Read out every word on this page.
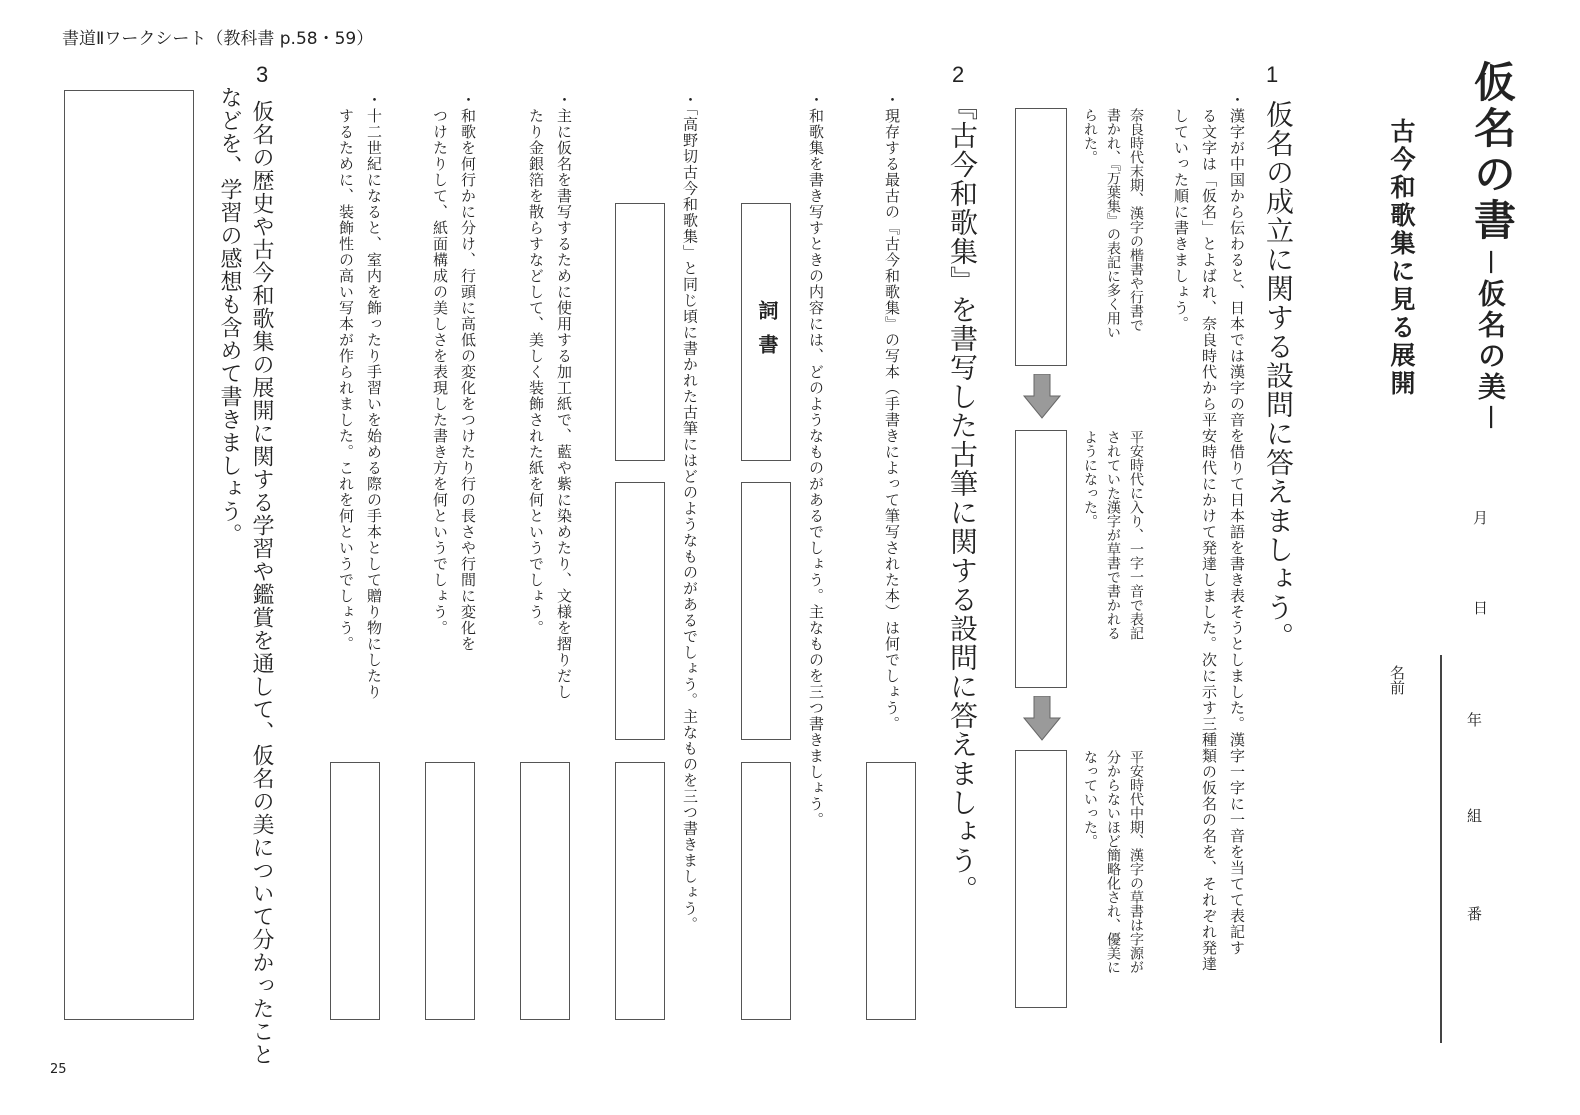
書道Ⅱワークシート（教科書 p.58・59）
25
仮名の書
－仮名の美－
古今和歌集に見る展開
月
日
名前
年
組
番
1
仮名の成立に関する設問に答えましょう。
・漢字が中国から伝わると、日本では漢字の音を借りて日本語を書き表そうとしました。漢字一字に一音を当てて表記す
　る文字は「仮名」とよばれ、奈良時代から平安時代にかけて発達しました。次に示す三種類の仮名の名を、それぞれ発達
　していった順に書きましょう。
奈良時代末期、漢字の楷書や行書で
書かれ、『万葉集』の表記に多く用い
られた。
平安時代に入り、一字一音で表記
されていた漢字が草書で書かれる
ようになった。
平安時代中期、漢字の草書は字源が
分からないほど簡略化され、優美に
なっていった。
2
『古今和歌集』を書写した古筆に関する設問に答えましょう。
・現存する最古の『古今和歌集』の写本（手書きによって筆写された本）は何でしょう。
・和歌集を書き写すときの内容には、どのようなものがあるでしょう。主なものを三つ書きましょう。
詞書
・「高野切古今和歌集」と同じ頃に書かれた古筆にはどのようなものがあるでしょう。主なものを三つ書きましょう。
・主に仮名を書写するために使用する加工紙で、藍や紫に染めたり、文様を摺りだし
　たり金銀箔を散らすなどして、美しく装飾された紙を何というでしょう。
・和歌を何行かに分け、行頭に高低の変化をつけたり行の長さや行間に変化を
　つけたりして、紙面構成の美しさを表現した書き方を何というでしょう。
・十二世紀になると、室内を飾ったり手習いを始める際の手本として贈り物にしたり
　するために、装飾性の高い写本が作られました。これを何というでしょう。
3
仮名の歴史や古今和歌集の展開に関する学習や鑑賞を通して、仮名の美について分かったこと
などを、学習の感想も含めて書きましょう。
